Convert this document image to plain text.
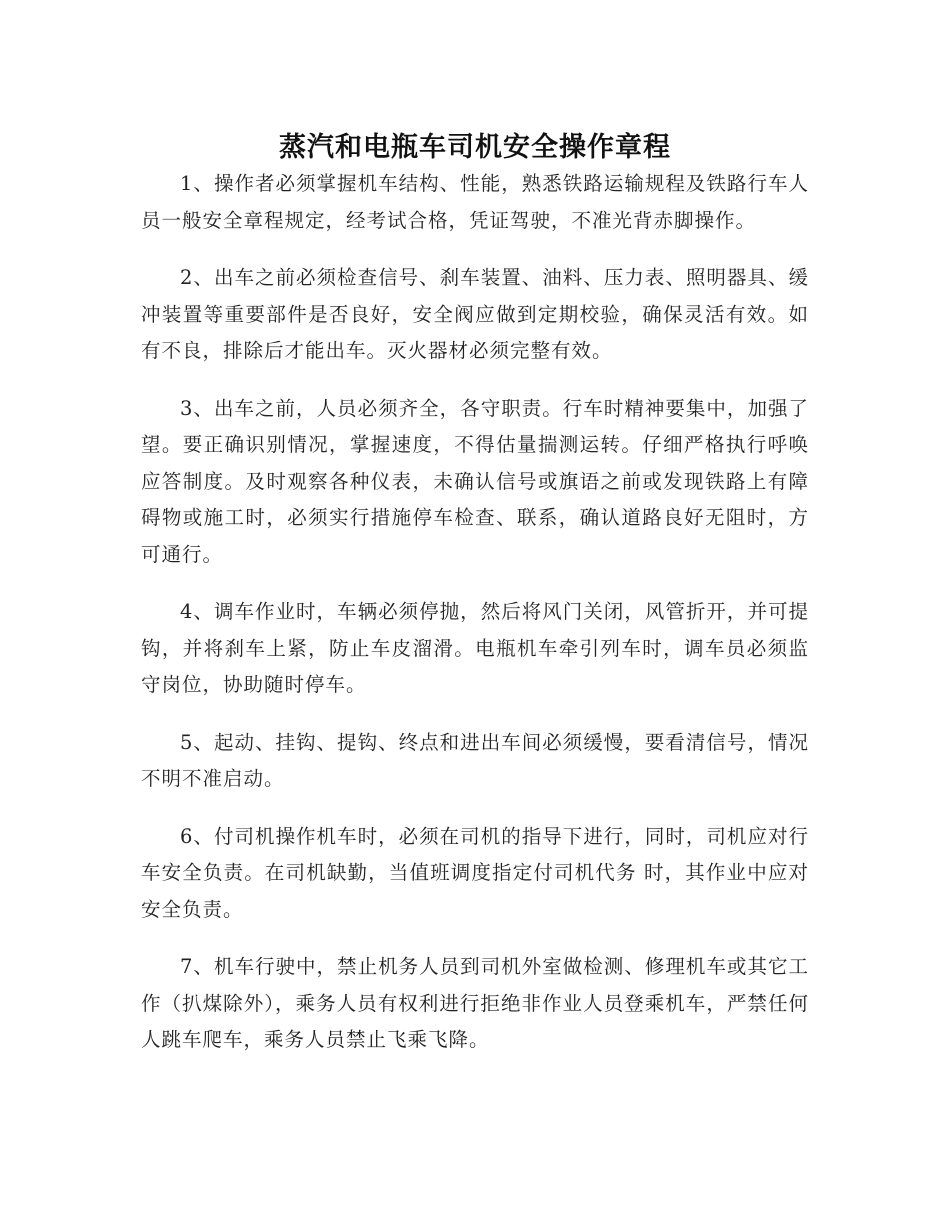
蒸汽和电瓶车司机安全操作章程

1、操作者必须掌握机车结构、性能，熟悉铁路运输规程及铁路行车人员一般安全章程规定，经考试合格，凭证驾驶，不准光背赤脚操作。

2、出车之前必须检查信号、刹车装置、油料、压力表、照明器具、缓冲装置等重要部件是否良好，安全阀应做到定期校验，确保灵活有效。如有不良，排除后才能出车。灭火器材必须完整有效。

3、出车之前，人员必须齐全，各守职责。行车时精神要集中，加强了望。要正确识别情况，掌握速度，不得估量揣测运转。仔细严格执行呼唤应答制度。及时观察各种仪表，未确认信号或旗语之前或发现铁路上有障碍物或施工时，必须实行措施停车检查、联系，确认道路良好无阻时，方可通行。

4、调车作业时，车辆必须停抛，然后将风门关闭，风管折开，并可提钩，并将刹车上紧，防止车皮溜滑。电瓶机车牵引列车时，调车员必须监守岗位，协助随时停车。

5、起动、挂钩、提钩、终点和进出车间必须缓慢，要看清信号，情况不明不准启动。

6、付司机操作机车时，必须在司机的指导下进行，同时，司机应对行车安全负责。在司机缺勤，当值班调度指定付司机代务 时，其作业中应对安全负责。

7、机车行驶中，禁止机务人员到司机外室做检测、修理机车或其它工作（扒煤除外），乘务人员有权利进行拒绝非作业人员登乘机车，严禁任何人跳车爬车，乘务人员禁止飞乘飞降。
